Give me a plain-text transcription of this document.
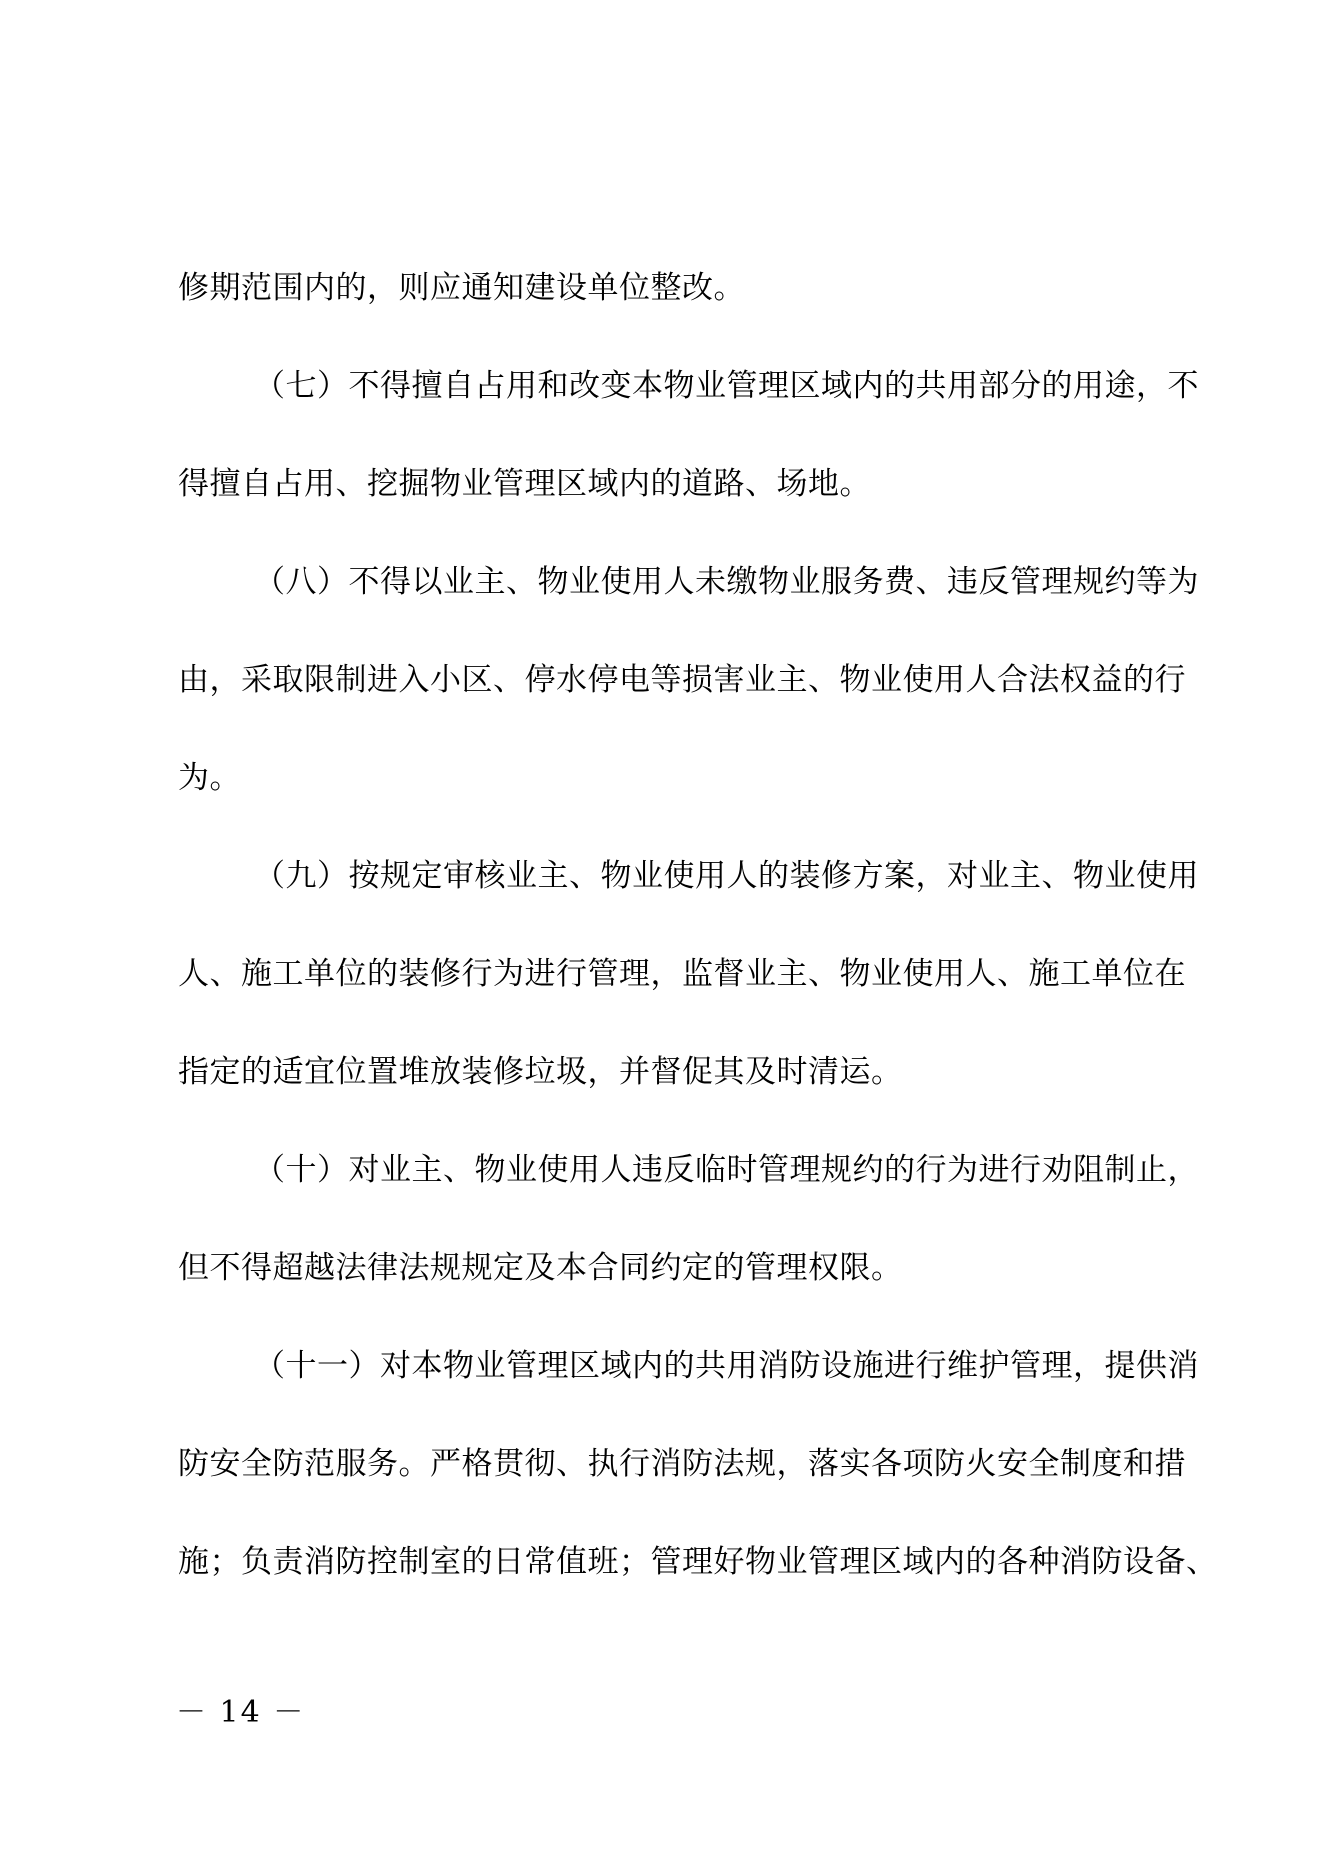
修期范围内的，则应通知建设单位整改。
（七）不得擅自占用和改变本物业管理区域内的共用部分的用途，不
得擅自占用、挖掘物业管理区域内的道路、场地。
（八）不得以业主、物业使用人未缴物业服务费、违反管理规约等为
由，采取限制进入小区、停水停电等损害业主、物业使用人合法权益的行
为。
（九）按规定审核业主、物业使用人的装修方案，对业主、物业使用
人、施工单位的装修行为进行管理，监督业主、物业使用人、施工单位在
指定的适宜位置堆放装修垃圾，并督促其及时清运。
（十）对业主、物业使用人违反临时管理规约的行为进行劝阻制止，
但不得超越法律法规规定及本合同约定的管理权限。
（十一）对本物业管理区域内的共用消防设施进行维护管理，提供消
防安全防范服务。严格贯彻、执行消防法规，落实各项防火安全制度和措
施；负责消防控制室的日常值班；管理好物业管理区域内的各种消防设备、
－ 14 －
